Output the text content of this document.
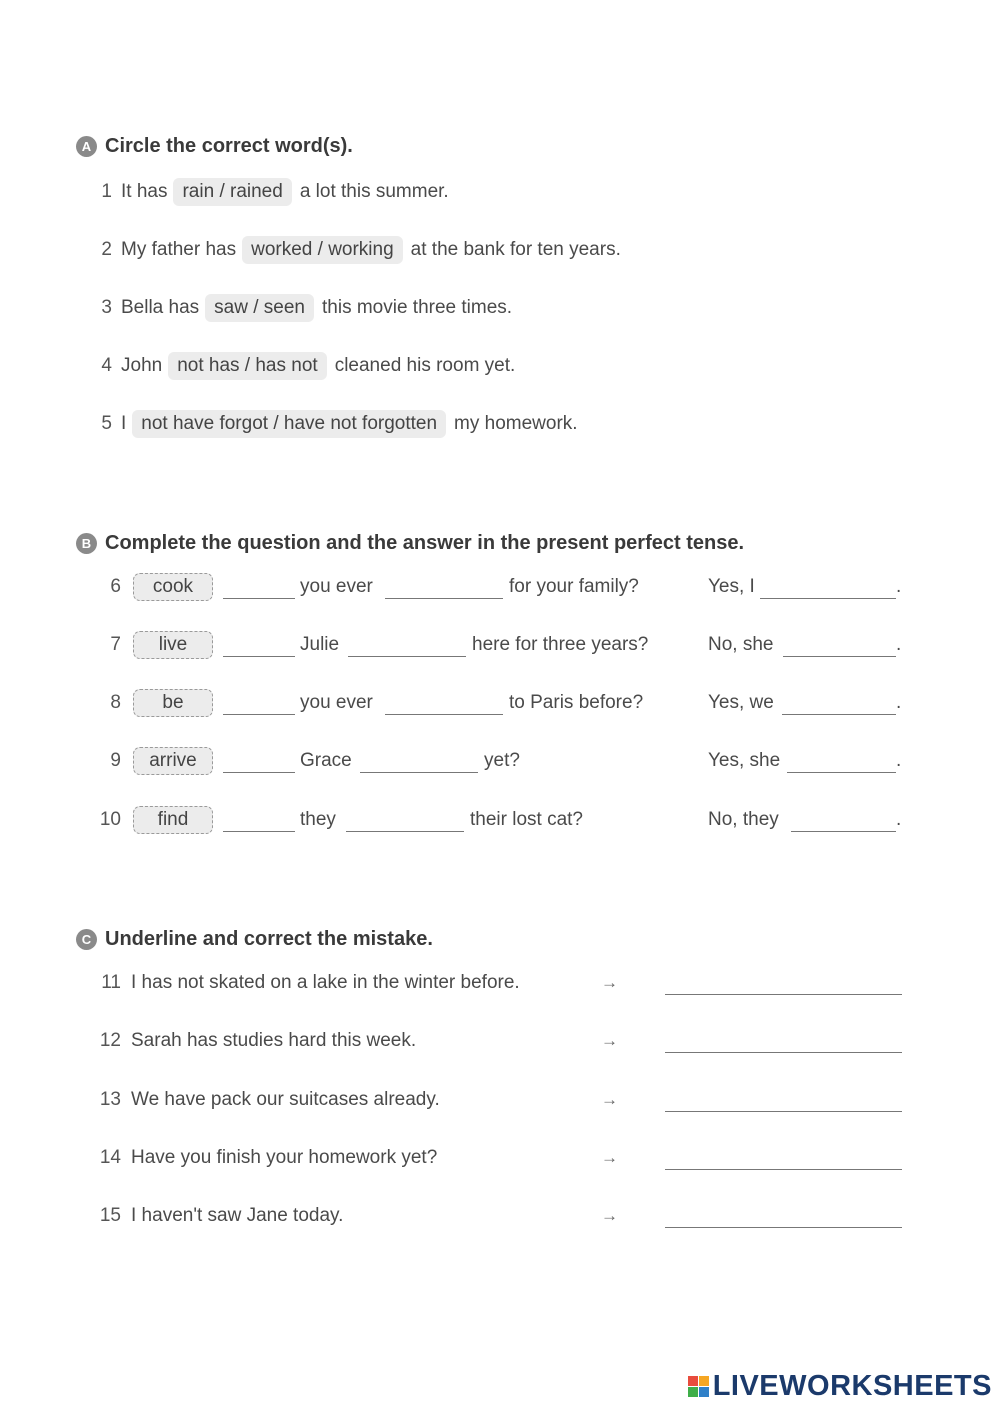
A Circle the correct word(s).
1 It has rain / rained a lot this summer.
2 My father has worked / working at the bank for ten years.
3 Bella has saw / seen this movie three times.
4 John not has / has not cleaned his room yet.
5 I not have forgot / have not forgotten my homework.
B Complete the question and the answer in the present perfect tense.
6	cook	you ever	for your family?	Yes, I	.
7	live	Julie	here for three years?	No, she	.
8	be	you ever	to Paris before?	Yes, we	.
9	arrive	Grace	yet?	Yes, she	.
10	find	they	their lost cat?	No, they	.
C Underline and correct the mistake.
11 I has not skated on a lake in the winter before.	→
12 Sarah has studies hard this week.	→
13 We have pack our suitcases already.	→
14 Have you finish your homework yet?	→
15 I haven't saw Jane today.	→
LIVEWORKSHEETS
